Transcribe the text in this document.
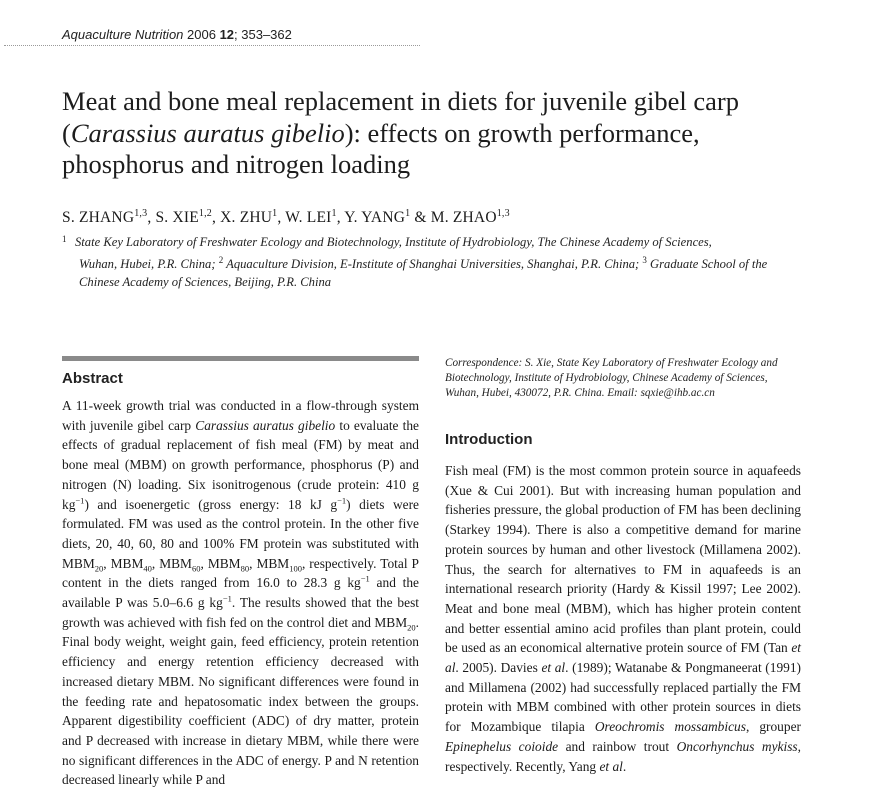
Aquaculture Nutrition 2006 12; 353–362
Meat and bone meal replacement in diets for juvenile gibel carp (Carassius auratus gibelio): effects on growth performance, phosphorus and nitrogen loading
S. ZHANG$^{1,3}$, S. XIE$^{1,2}$, X. ZHU$^1$, W. LEI$^1$, Y. YANG$^1$ & M. ZHAO$^{1,3}$
1 State Key Laboratory of Freshwater Ecology and Biotechnology, Institute of Hydrobiology, The Chinese Academy of Sciences,
Wuhan, Hubei, P.R. China; $^2$ Aquaculture Division, E-Institute of Shanghai Universities, Shanghai, P.R. China; $^3$ Graduate School of the Chinese Academy of Sciences, Beijing, P.R. China
Abstract

A 11-week growth trial was conducted in a flow-through system with juvenile gibel carp Carassius auratus gibelio to evaluate the effects of gradual replacement of fish meal (FM) by meat and bone meal (MBM) on growth performance, phosphorus (P) and nitrogen (N) loading. Six isonitrogenous (crude protein: 410 g $kg^{-1}$) and isoenergetic (gross energy: 18 kJ $g^{-1}$) diets were formulated. FM was used as the control protein. In the other five diets, 20, 40, 60, 80 and 100% FM protein was substituted with $MBM_{20}$, $MBM_{40}$, $MBM_{60}$, $MBM_{80}$, $MBM_{100}$, respectively. Total P content in the diets ranged from 16.0 to 28.3 g $kg^{-1}$ and the available P was 5.0–6.6 g $kg^{-1}$. The results showed that the best growth was achieved with fish fed on the control diet and $MBM_{20}$. Final body weight, weight gain, feed efficiency, protein retention efficiency and energy retention efficiency decreased with increased dietary MBM. No significant differences were found in the feeding rate and hepatosomatic index between the groups. Apparent digestibility coefficient (ADC) of dry matter, protein and P decreased with increase in dietary MBM, while there were no significant differences in the ADC of energy. P and N retention decreased linearly while P and

Correspondence: S. Xie, State Key Laboratory of Freshwater Ecology and Biotechnology, Institute of Hydrobiology, Chinese Academy of Sciences, Wuhan, Hubei, 430072, P.R. China. Email: sqxie@ihb.ac.cn
Introduction

Fish meal (FM) is the most common protein source in aquafeeds (Xue & Cui 2001). But with increasing human population and fisheries pressure, the global production of FM has been declining (Starkey 1994). There is also a competitive demand for marine protein sources by human and other livestock (Millamena 2002). Thus, the search for alternatives to FM in aquafeeds is an international research priority (Hardy & Kissil 1997; Lee 2002). Meat and bone meal (MBM), which has higher protein content and better essential amino acid profiles than plant protein, could be used as an economical alternative protein source of FM (Tan et al. 2005). Davies et al. (1989); Watanabe & Pongmaneerat (1991) and Millamena (2002) had successfully replaced partially the FM protein with MBM combined with other protein sources in diets for Mozambique tilapia Oreochromis mossambicus, grouper Epinephelus coioide and rainbow trout Oncorhynchus mykiss, respectively. Recently, Yang et al.
